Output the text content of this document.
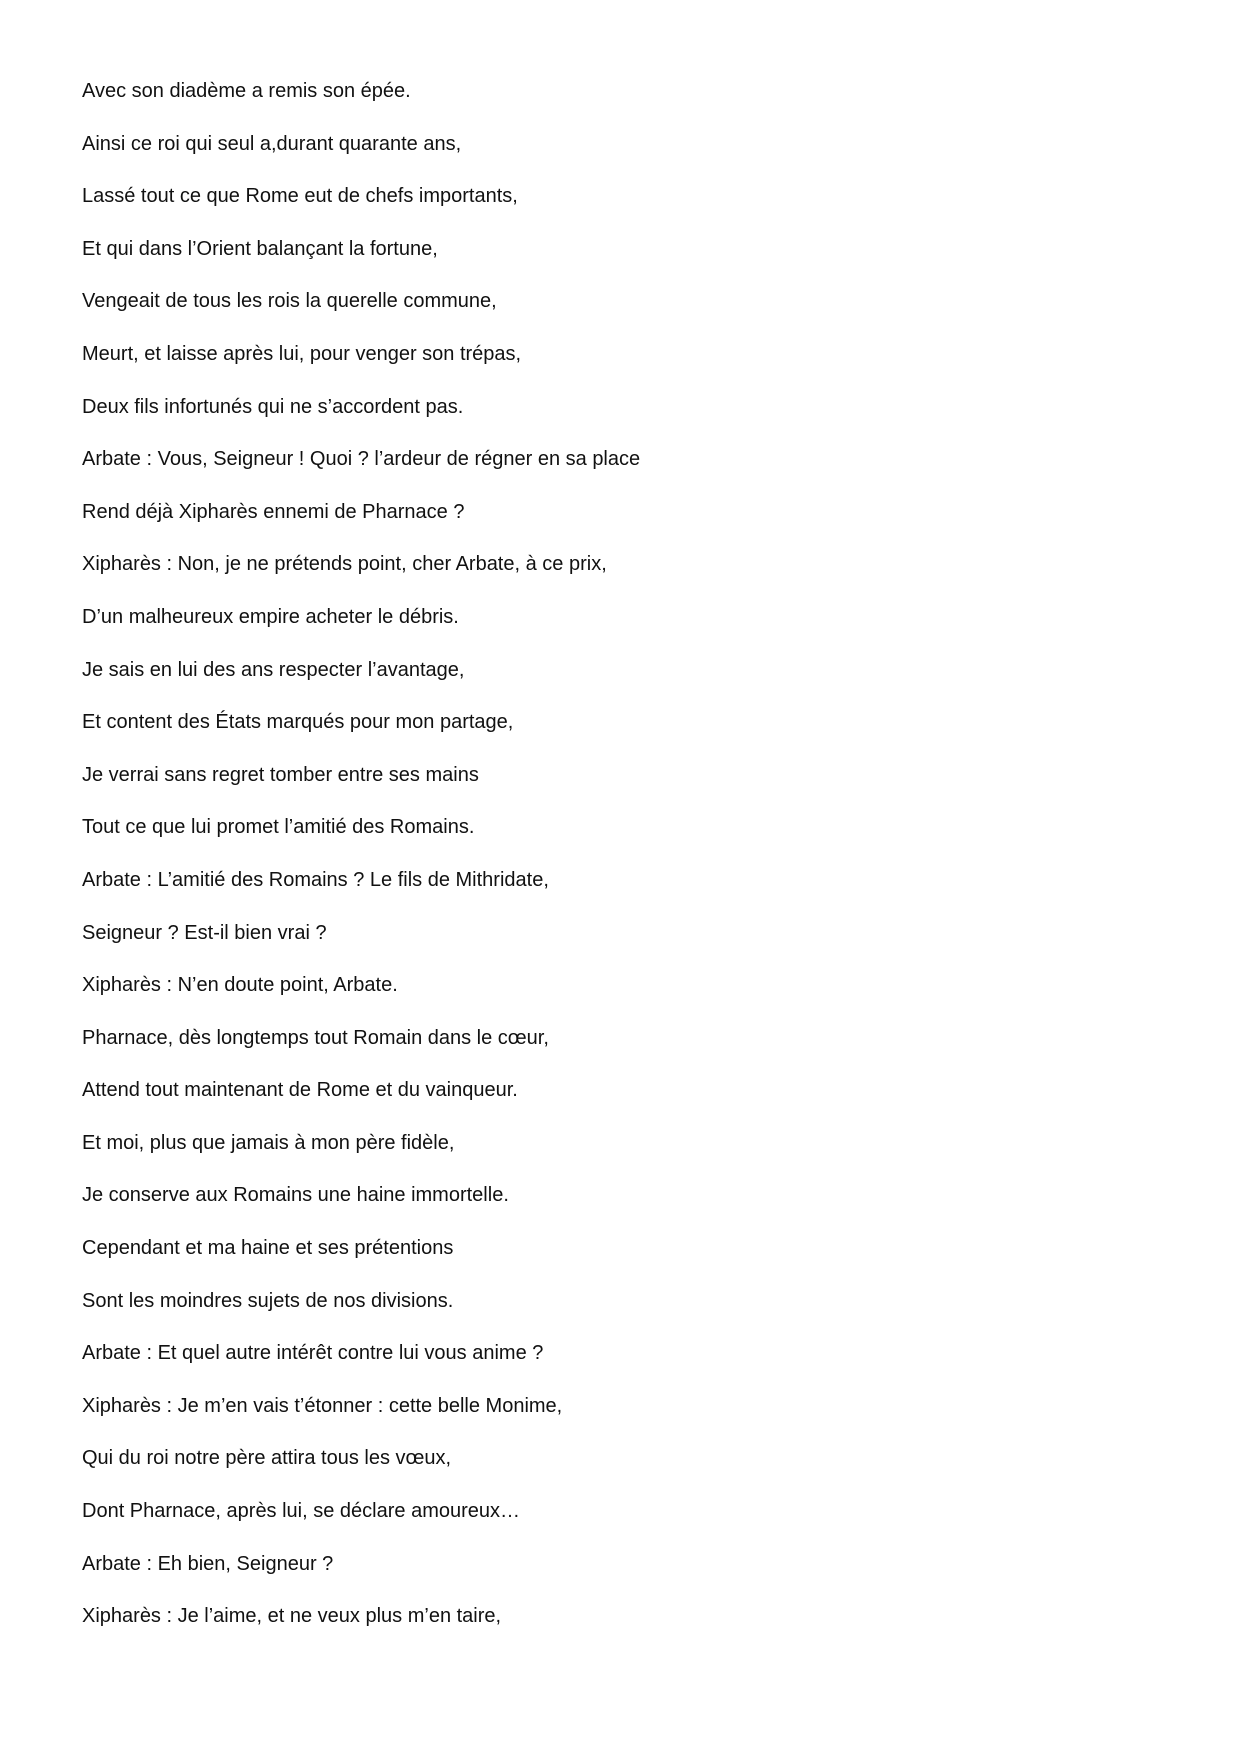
Avec son diadème a remis son épée.

Ainsi ce roi qui seul a,durant quarante ans,

Lassé tout ce que Rome eut de chefs importants,

Et qui dans l’Orient balançant la fortune,

Vengeait de tous les rois la querelle commune,

Meurt, et laisse après lui, pour venger son trépas,

Deux fils infortunés qui ne s’accordent pas.

Arbate : Vous, Seigneur ! Quoi ? l’ardeur de régner en sa place

Rend déjà Xipharès ennemi de Pharnace ?

Xipharès : Non, je ne prétends point, cher Arbate, à ce prix,

D’un malheureux empire acheter le débris.

Je sais en lui des ans respecter l’avantage,

Et content des États marqués pour mon partage,

Je verrai sans regret tomber entre ses mains

Tout ce que lui promet l’amitié des Romains.

Arbate : L’amitié des Romains ? Le fils de Mithridate,

Seigneur ? Est-il bien vrai ?

Xipharès : N’en doute point, Arbate.

Pharnace, dès longtemps tout Romain dans le cœur,

Attend tout maintenant de Rome et du vainqueur.

Et moi, plus que jamais à mon père fidèle,

Je conserve aux Romains une haine immortelle.

Cependant et ma haine et ses prétentions

Sont les moindres sujets de nos divisions.

Arbate : Et quel autre intérêt contre lui vous anime ?

Xipharès : Je m’en vais t’étonner : cette belle Monime,

Qui du roi notre père attira tous les vœux,

Dont Pharnace, après lui, se déclare amoureux…

Arbate : Eh bien, Seigneur ?

Xipharès : Je l’aime, et ne veux plus m’en taire,
